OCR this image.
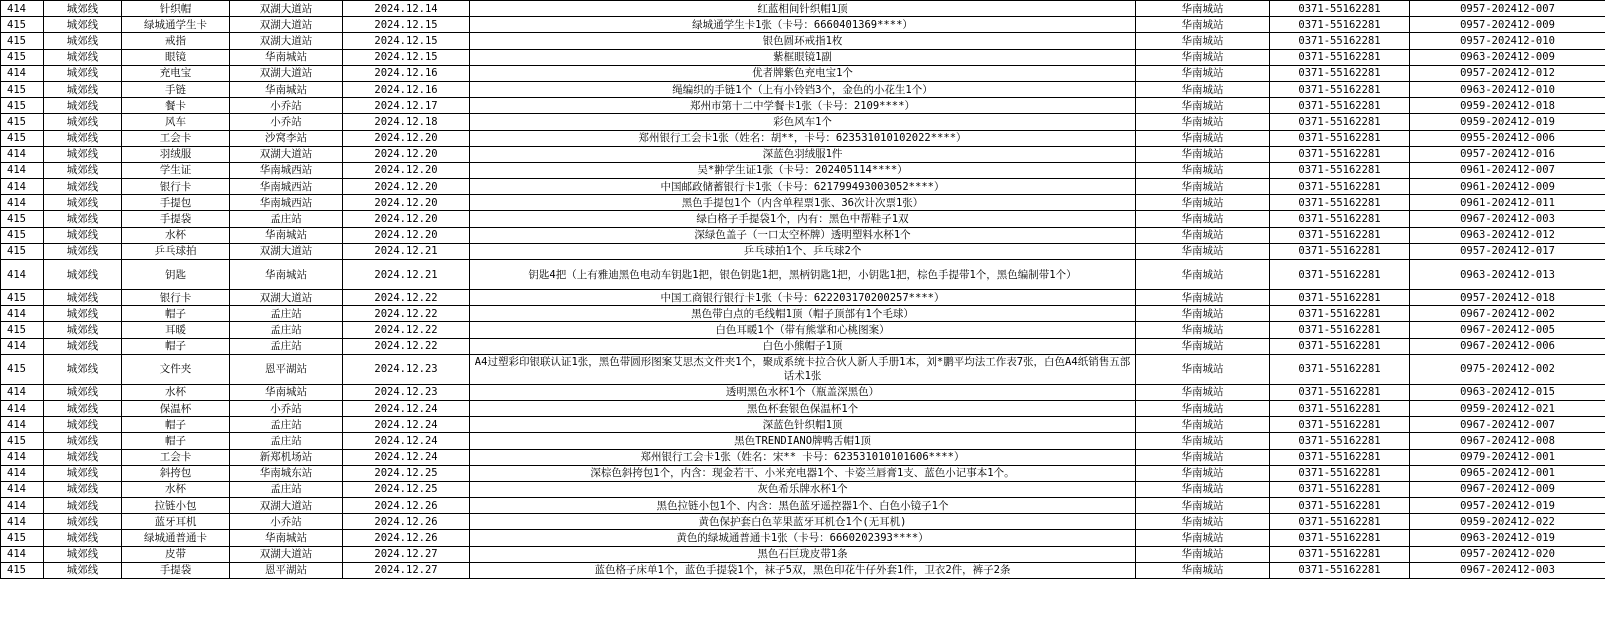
414	城郊线	针织帽	双湖大道站	2024.12.14	红蓝相间针织帽1顶	华南城站	0371-55162281	0957-202412-007
415	城郊线	绿城通学生卡	双湖大道站	2024.12.15	绿城通学生卡1张（卡号：6660401369****）	华南城站	0371-55162281	0957-202412-009
415	城郊线	戒指	双湖大道站	2024.12.15	银色圆环戒指1枚	华南城站	0371-55162281	0957-202412-010
415	城郊线	眼镜	华南城站	2024.12.15	紫框眼镜1副	华南城站	0371-55162281	0963-202412-009
414	城郊线	充电宝	双湖大道站	2024.12.16	优者牌紫色充电宝1个	华南城站	0371-55162281	0957-202412-012
415	城郊线	手链	华南城站	2024.12.16	绳编织的手链1个（上有小铃铛3个，金色的小花生1个）	华南城站	0371-55162281	0963-202412-010
415	城郊线	餐卡	小乔站	2024.12.17	郑州市第十二中学餐卡1张（卡号：2109****）	华南城站	0371-55162281	0959-202412-018
415	城郊线	风车	小乔站	2024.12.18	彩色风车1个	华南城站	0371-55162281	0959-202412-019
415	城郊线	工会卡	沙窝李站	2024.12.20	郑州银行工会卡1张（姓名：胡**，卡号：6235310101020​22****）	华南城站	0371-55162281	0955-202412-006
414	城郊线	羽绒服	双湖大道站	2024.12.20	深蓝色羽绒服1件	华南城站	0371-55162281	0957-202412-016
414	城郊线	学生证	华南城西站	2024.12.20	吴*翀学生证1张（卡号：202405114****）	华南城站	0371-55162281	0961-202412-007
414	城郊线	银行卡	华南城西站	2024.12.20	中国邮政储蓄银行卡1张（卡号：621799493003052****）	华南城站	0371-55162281	0961-202412-009
414	城郊线	手提包	华南城西站	2024.12.20	黑色手提包1个（内含单程票1张、36次计次票1张）	华南城站	0371-55162281	0961-202412-011
415	城郊线	手提袋	孟庄站	2024.12.20	绿白格子手提袋1个，内有：黑色中帮鞋子1双	华南城站	0371-55162281	0967-202412-003
415	城郊线	水杯	华南城站	2024.12.20	深绿色盖子（一口太空杯牌）透明塑料水杯1个	华南城站	0371-55162281	0963-202412-012
415	城郊线	乒乓球拍	双湖大道站	2024.12.21	乒乓球拍1个、乒乓球2个	华南城站	0371-55162281	0957-202412-017
414	城郊线	钥匙	华南城站	2024.12.21	钥匙4把（上有雅迪黑色电动车钥匙1把，银色钥匙1把，黑柄钥匙1把，小钥匙1把，棕色手提带1个，黑色编制带1个）	华南城站	0371-55162281	0963-202412-013
415	城郊线	银行卡	双湖大道站	2024.12.22	中国工商银行银行卡1张（卡号：622203170200257****）	华南城站	0371-55162281	0957-202412-018
414	城郊线	帽子	孟庄站	2024.12.22	黑色带白点的毛线帽1顶（帽子顶部有1个毛球）	华南城站	0371-55162281	0967-202412-002
415	城郊线	耳暖	孟庄站	2024.12.22	白色耳暖1个（带有熊掌和心桃图案）	华南城站	0371-55162281	0967-202412-005
414	城郊线	帽子	孟庄站	2024.12.22	白色小熊帽子1顶	华南城站	0371-55162281	0967-202412-006
415	城郊线	文件夹	恩平湖站	2024.12.23	A4过塑彩印银联认证1张，黑色带圆形图案艾思杰文件夹1个，聚成系统卡拉合伙人新人手册1本，刘*鹏平均法工作表7张，白色A4纸销售五部话术1张	华南城站	0371-55162281	0975-202412-002
414	城郊线	水杯	华南城站	2024.12.23	透明黑色水杯1个（瓶盖深黑色）	华南城站	0371-55162281	0963-202412-015
414	城郊线	保温杯	小乔站	2024.12.24	黑色杯套银色保温杯1个	华南城站	0371-55162281	0959-202412-021
414	城郊线	帽子	孟庄站	2024.12.24	深蓝色针织帽1顶	华南城站	0371-55162281	0967-202412-007
415	城郊线	帽子	孟庄站	2024.12.24	黑色TRENDIANO牌鸭舌帽1顶	华南城站	0371-55162281	0967-202412-008
414	城郊线	工会卡	新郑机场站	2024.12.24	郑州银行工会卡1张（姓名：宋** 卡号：623531010101606****）	华南城站	0371-55162281	0979-202412-001
414	城郊线	斜挎包	华南城东站	2024.12.25	深棕色斜挎包1个，内含：现金若干、小米充电器1个、卡姿兰唇膏1支、蓝色小记事本1个。	华南城站	0371-55162281	0965-202412-001
414	城郊线	水杯	孟庄站	2024.12.25	灰色希乐牌水杯1个	华南城站	0371-55162281	0967-202412-009
414	城郊线	拉链小包	双湖大道站	2024.12.26	黑色拉链小包1个、内含：黑色蓝牙遥控器1个、白色小镜子1个	华南城站	0371-55162281	0957-202412-019
414	城郊线	蓝牙耳机	小乔站	2024.12.26	黄色保护套白色苹果蓝牙耳机仓1个(无耳机)	华南城站	0371-55162281	0959-202412-022
415	城郊线	绿城通普通卡	华南城站	2024.12.26	黄色的绿城通普通卡1张（卡号：6660202393****）	华南城站	0371-55162281	0963-202412-019
414	城郊线	皮带	双湖大道站	2024.12.27	黑色石巨珑皮带1条	华南城站	0371-55162281	0957-202412-020
415	城郊线	手提袋	恩平湖站	2024.12.27	蓝色格子床单1个，蓝色手提袋1个，袜子5双，黑色印花牛仔外套1件，卫衣2件，裤子2条	华南城站	0371-55162281	0967-202412-003
